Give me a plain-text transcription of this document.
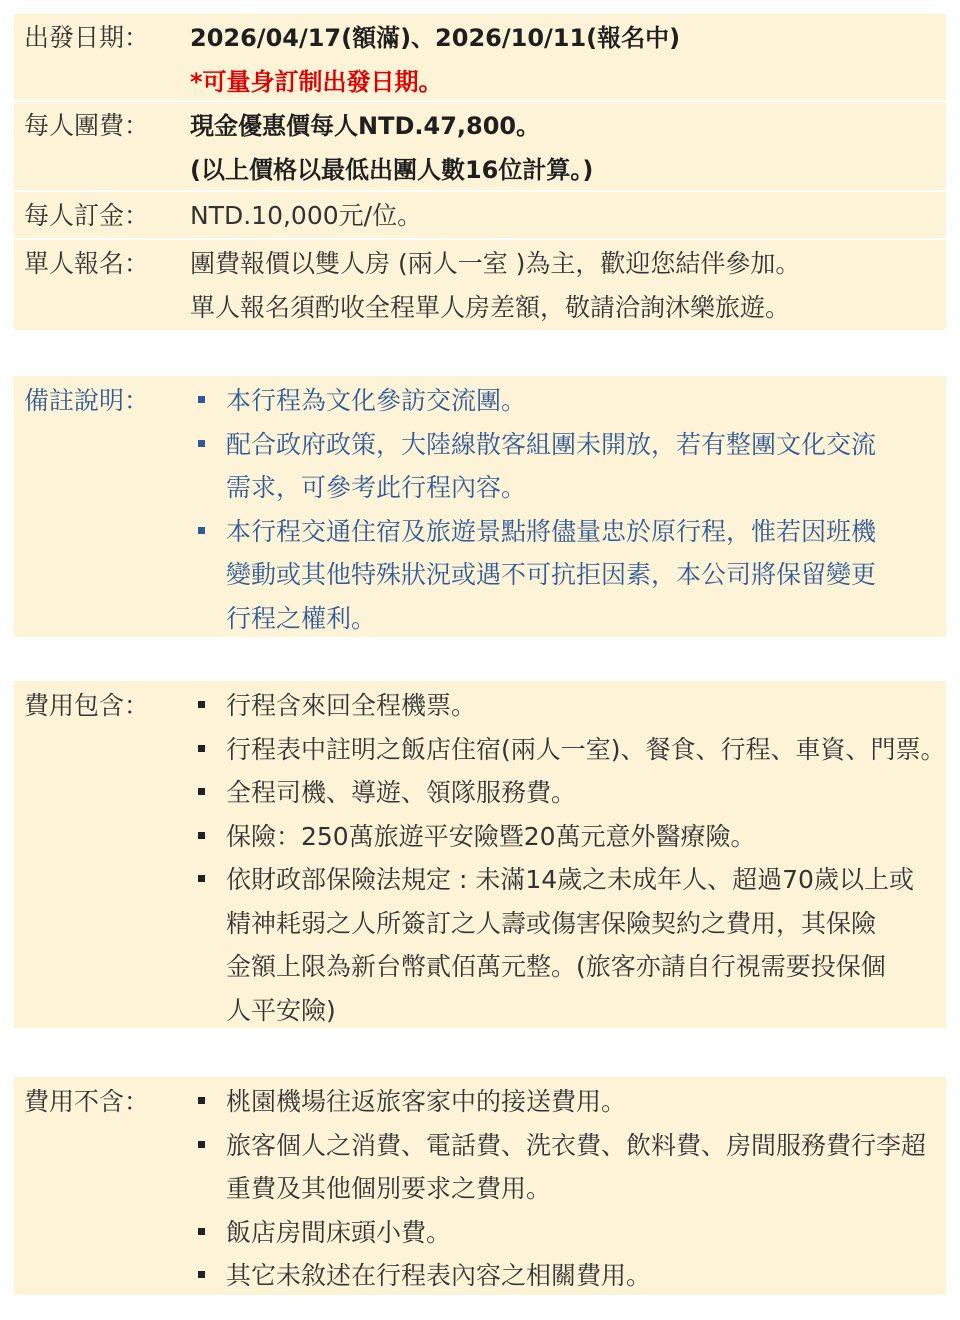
出發日期：	2026/04/17(額滿)、2026/10/11(報名中)
*可量身訂制出發日期。
每人團費：	現金優惠價每人NTD.47,800。
(以上價格以最低出團人數16位計算。)
每人訂金：	NTD.10,000元/位。
單人報名：	團費報價以雙人房 (兩人一室 )為主，歡迎您結伴參加。
單人報名須酌收全程單人房差額，敬請洽詢沐樂旅遊。
備註說明：	本行程為文化參訪交流團。
配合政府政策，大陸線散客組團未開放，若有整團文化交流
需求，可參考此行程內容。
本行程交通住宿及旅遊景點將儘量忠於原行程，惟若因班機
變動或其他特殊狀況或遇不可抗拒因素，本公司將保留變更
行程之權利。
費用包含：	行程含來回全程機票。
行程表中註明之飯店住宿(兩人一室)、餐食、行程、車資、門票。
全程司機、導遊、領隊服務費。
保險：250萬旅遊平安險暨20萬元意外醫療險。
依財政部保險法規定 : 未滿14歲之未成年人、超過70歲以上或
精神耗弱之人所簽訂之人壽或傷害保險契約之費用，其保險
金額上限為新台幣貳佰萬元整。(旅客亦請自行視需要投保個
人平安險)
費用不含：	桃園機場往返旅客家中的接送費用。
旅客個人之消費、電話費、洗衣費、飲料費、房間服務費行李超
重費及其他個別要求之費用。
飯店房間床頭小費。
其它未敘述在行程表內容之相關費用。
